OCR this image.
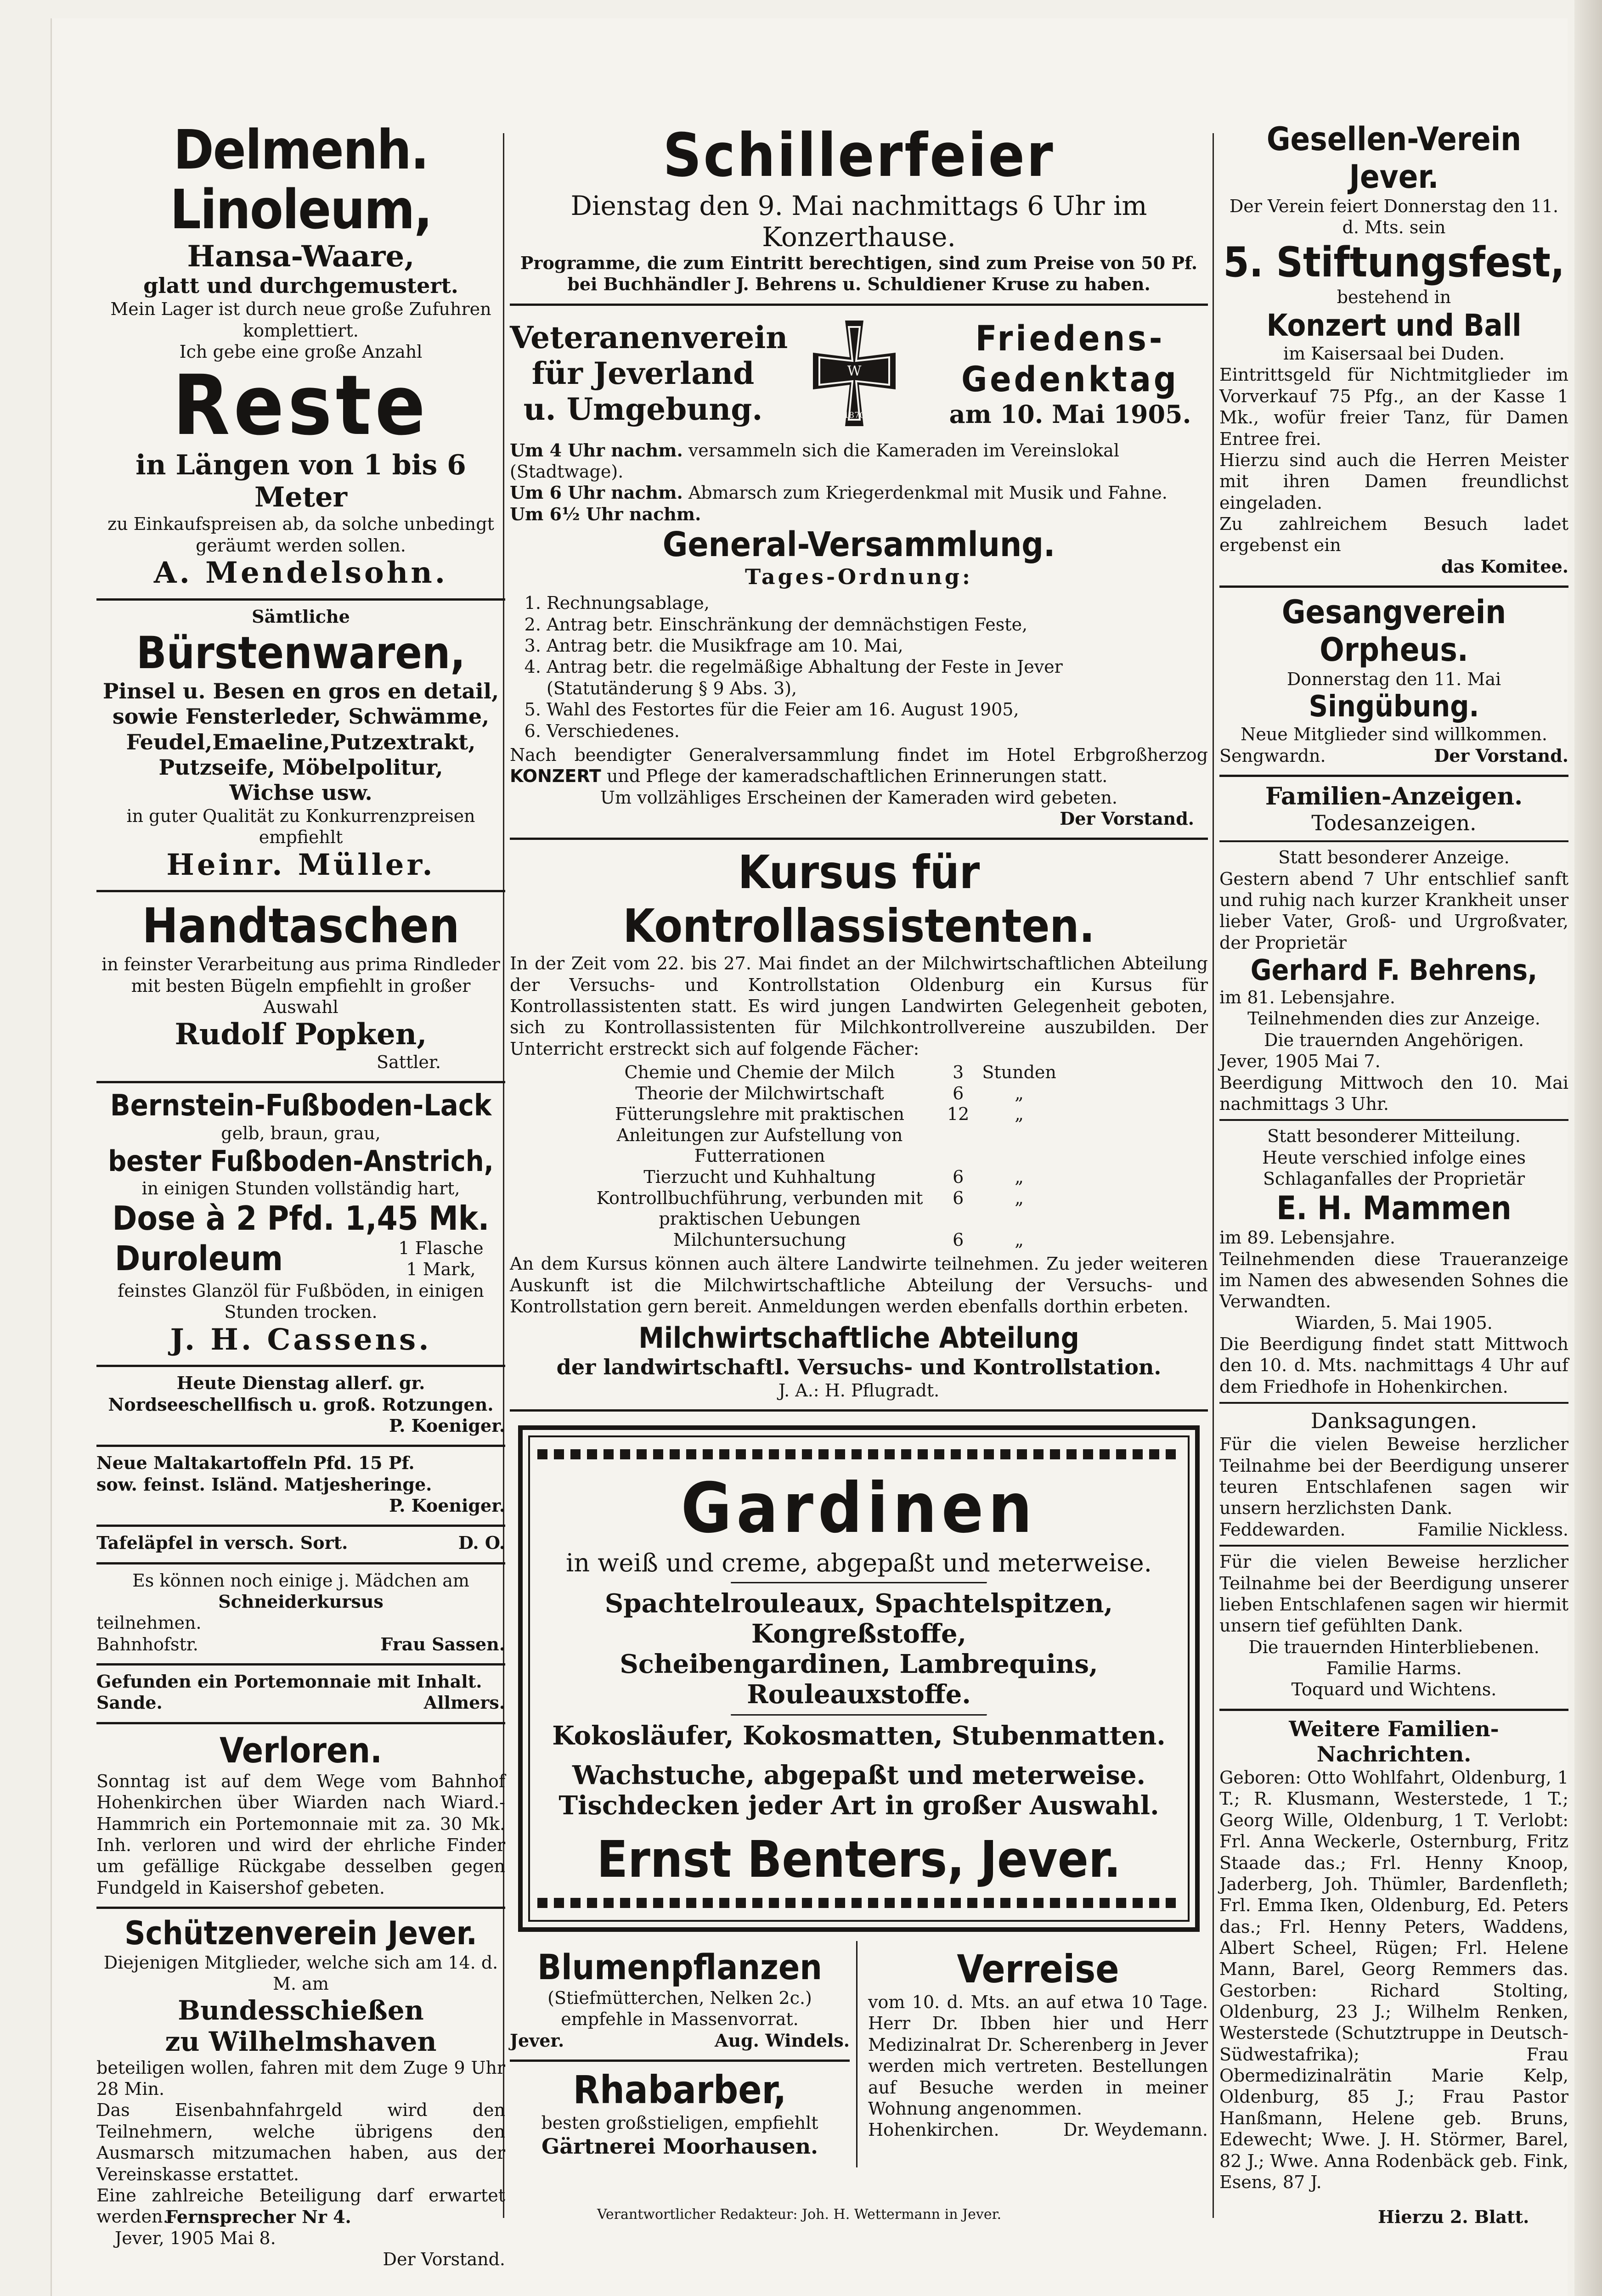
Delmenh. Linoleum,
Hansa-Waare,
glatt und durchgemustert.
Mein Lager ist durch neue große Zufuhren komplettiert.
Ich gebe eine große Anzahl
Reste
in Längen von 1 bis 6 Meter
zu Einkaufspreisen ab, da solche unbedingt geräumt werden sollen.
A. Mendelsohn.
Sämtliche
Bürstenwaren,
Pinsel u. Besen en gros en detail,
sowie Fensterleder, Schwämme,
Feudel,Emaeline,Putzextrakt,
Putzseife, Möbelpolitur,
Wichse usw.
in guter Qualität zu Konkurrenzpreisen empfiehlt
Heinr. Müller.
Handtaschen
in feinster Verarbeitung aus prima Rindleder mit besten Bügeln empfiehlt in großer Auswahl
Rudolf Popken,
Sattler.
Bernstein-Fußboden-Lack
gelb, braun, grau,
bester Fußboden-Anstrich,
in einigen Stunden vollständig hart,
Dose à 2 Pfd. 1,45 Mk.
Duroleum	1 Flasche 1 Mark,
feinstes Glanzöl für Fußböden, in einigen Stunden trocken.
J. H. Cassens.
Heute Dienstag allerf. gr. Nordseeschellfisch u. groß. Rotzungen.
P. Koeniger.
Neue Maltakartoffeln Pfd. 15 Pf.
sow. feinst. Isländ. Matjesheringe.
P. Koeniger.
Tafeläpfel in versch. Sort.	D. O.
Es können noch einige j. Mädchen am
Schneiderkursus
teilnehmen.
Bahnhofstr.	Frau Sassen.
Gefunden ein Portemonnaie mit Inhalt.
Sande.	Allmers.
Verloren.
Sonntag ist auf dem Wege vom Bahnhof Hohenkirchen über Wiarden nach Wiard.-Hammrich ein Portemonnaie mit za. 30 Mk. Inh. verloren und wird der ehrliche Finder um gefällige Rückgabe desselben gegen Fundgeld in Kaisershof gebeten.
Schützenverein Jever.
Diejenigen Mitglieder, welche sich am 14. d. M. am
Bundesschießen
zu Wilhelmshaven
beteiligen wollen, fahren mit dem Zuge 9 Uhr 28 Min.
Das Eisenbahnfahrgeld wird den Teilnehmern, welche übrigens den Ausmarsch mitzumachen haben, aus der Vereinskasse erstattet.
Eine zahlreiche Beteiligung darf erwartet werden.
Jever, 1905 Mai 8.
Der Vorstand.
Schillerfeier
Dienstag den 9. Mai nachmittags 6 Uhr im Konzerthause.
Programme, die zum Eintritt berechtigen, sind zum Preise von 50 Pf. bei Buchhändler J. Behrens u. Schuldiener Kruse zu haben.
Veteranenverein
für Jeverland
u. Umgebung.
W
1870
Friedens-
Gedenktag
am 10. Mai 1905.
Um 4 Uhr nachm. versammeln sich die Kameraden im Vereinslokal (Stadtwage).
Um 6 Uhr nachm. Abmarsch zum Kriegerdenkmal mit Musik und Fahne.
Um 6½ Uhr nachm.
General-Versammlung.
Tages-Ordnung:
1. Rechnungsablage,
2. Antrag betr. Einschränkung der demnächstigen Feste,
3. Antrag betr. die Musikfrage am 10. Mai,
4. Antrag betr. die regelmäßige Abhaltung der Feste in Jever (Statutänderung § 9 Abs. 3),
5. Wahl des Festortes für die Feier am 16. August 1905,
6. Verschiedenes.
Nach beendigter Generalversammlung findet im Hotel Erbgroßherzog KONZERT und Pflege der kameradschaftlichen Erinnerungen statt.
Um vollzähliges Erscheinen der Kameraden wird gebeten.
Der Vorstand.
Kursus für Kontrollassistenten.
In der Zeit vom 22. bis 27. Mai findet an der Milchwirtschaftlichen Abteilung der Versuchs- und Kontrollstation Oldenburg ein Kursus für Kontrollassistenten statt. Es wird jungen Landwirten Gelegenheit geboten, sich zu Kontrollassistenten für Milchkontrollvereine auszubilden. Der Unterricht erstreckt sich auf folgende Fächer:
Chemie und Chemie der Milch	3	Stunden
Theorie der Milchwirtschaft	6	„
Fütterungslehre mit praktischen Anleitungen zur Aufstellung von Futterrationen	12	„
Tierzucht und Kuhhaltung	6	„
Kontrollbuchführung, verbunden mit praktischen Uebungen	6	„
Milchuntersuchung	6	„
An dem Kursus können auch ältere Landwirte teilnehmen. Zu jeder weiteren Auskunft ist die Milchwirtschaftliche Abteilung der Versuchs- und Kontrollstation gern bereit. Anmeldungen werden ebenfalls dorthin erbeten.
Milchwirtschaftliche Abteilung
der landwirtschaftl. Versuchs- und Kontrollstation.
J. A.: H. Pflugradt.
Gardinen
in weiß und creme, abgepaßt und meterweise.
Spachtelrouleaux, Spachtelspitzen, Kongreßstoffe,
Scheibengardinen, Lambrequins, Rouleauxstoffe.
Kokosläufer, Kokosmatten, Stubenmatten.
Wachstuche, abgepaßt und meterweise.
Tischdecken jeder Art in großer Auswahl.
Ernst Benters, Jever.
Blumenpflanzen
(Stiefmütterchen, Nelken 2c.) empfehle in Massenvorrat.
Jever.	Aug. Windels.
Rhabarber,
besten großstieligen, empfiehlt
Gärtnerei Moorhausen.
Verreise
vom 10. d. Mts. an auf etwa 10 Tage. Herr Dr. Ibben hier und Herr Medizinalrat Dr. Scherenberg in Jever werden mich vertreten. Bestellungen auf Besuche werden in meiner Wohnung angenommen.
Hohenkirchen.	Dr. Weydemann.
Gesellen-Verein Jever.
Der Verein feiert Donnerstag den 11. d. Mts. sein
5. Stiftungsfest,
bestehend in
Konzert und Ball
im Kaisersaal bei Duden.
Eintrittsgeld für Nichtmitglieder im Vorverkauf 75 Pfg., an der Kasse 1 Mk., wofür freier Tanz, für Damen Entree frei.
Hierzu sind auch die Herren Meister mit ihren Damen freundlichst eingeladen.
Zu zahlreichem Besuch ladet ergebenst ein
das Komitee.
Gesangverein Orpheus.
Donnerstag den 11. Mai
Singübung.
Neue Mitglieder sind willkommen.
Sengwardn.	Der Vorstand.
Familien-Anzeigen.
Todesanzeigen.
Statt besonderer Anzeige.
Gestern abend 7 Uhr entschlief sanft und ruhig nach kurzer Krankheit unser lieber Vater, Groß- und Urgroßvater, der Proprietär
Gerhard F. Behrens,
im 81. Lebensjahre.
Teilnehmenden dies zur Anzeige.
Die trauernden Angehörigen.
Jever, 1905 Mai 7.
Beerdigung Mittwoch den 10. Mai nachmittags 3 Uhr.
Statt besonderer Mitteilung.
Heute verschied infolge eines Schlaganfalles der Proprietär
E. H. Mammen
im 89. Lebensjahre.
Teilnehmenden diese Traueranzeige im Namen des abwesenden Sohnes die Verwandten.
Wiarden, 5. Mai 1905.
Die Beerdigung findet statt Mittwoch den 10. d. Mts. nachmittags 4 Uhr auf dem Friedhofe in Hohenkirchen.
Danksagungen.
Für die vielen Beweise herzlicher Teilnahme bei der Beerdigung unserer teuren Entschlafenen sagen wir unsern herzlichsten Dank.
Feddewarden.	Familie Nickless.
Für die vielen Beweise herzlicher Teilnahme bei der Beerdigung unserer lieben Entschlafenen sagen wir hiermit unsern tief gefühlten Dank.
Die trauernden Hinterbliebenen.
Familie Harms.
Toquard und Wichtens.
Weitere Familien-Nachrichten.
Geboren: Otto Wohlfahrt, Oldenburg, 1 T.; R. Klusmann, Westerstede, 1 T.; Georg Wille, Oldenburg, 1 T. Verlobt: Frl. Anna Weckerle, Osternburg, Fritz Staade das.; Frl. Henny Knoop, Jaderberg, Joh. Thümler, Bardenfleth; Frl. Emma Iken, Oldenburg, Ed. Peters das.; Frl. Henny Peters, Waddens, Albert Scheel, Rügen; Frl. Helene Mann, Barel, Georg Remmers das. Gestorben: Richard Stolting, Oldenburg, 23 J.; Wilhelm Renken, Westerstede (Schutztruppe in Deutsch-Südwestafrika); Frau Obermedizinalrätin Marie Kelp, Oldenburg, 85 J.; Frau Pastor Hanßmann, Helene geb. Bruns, Edewecht; Wwe. J. H. Störmer, Barel, 82 J.; Wwe. Anna Rodenbäck geb. Fink, Esens, 87 J.
Fernsprecher Nr 4.	Verantwortlicher Redakteur: Joh. H. Wettermann in Jever.	Hierzu 2. Blatt.
